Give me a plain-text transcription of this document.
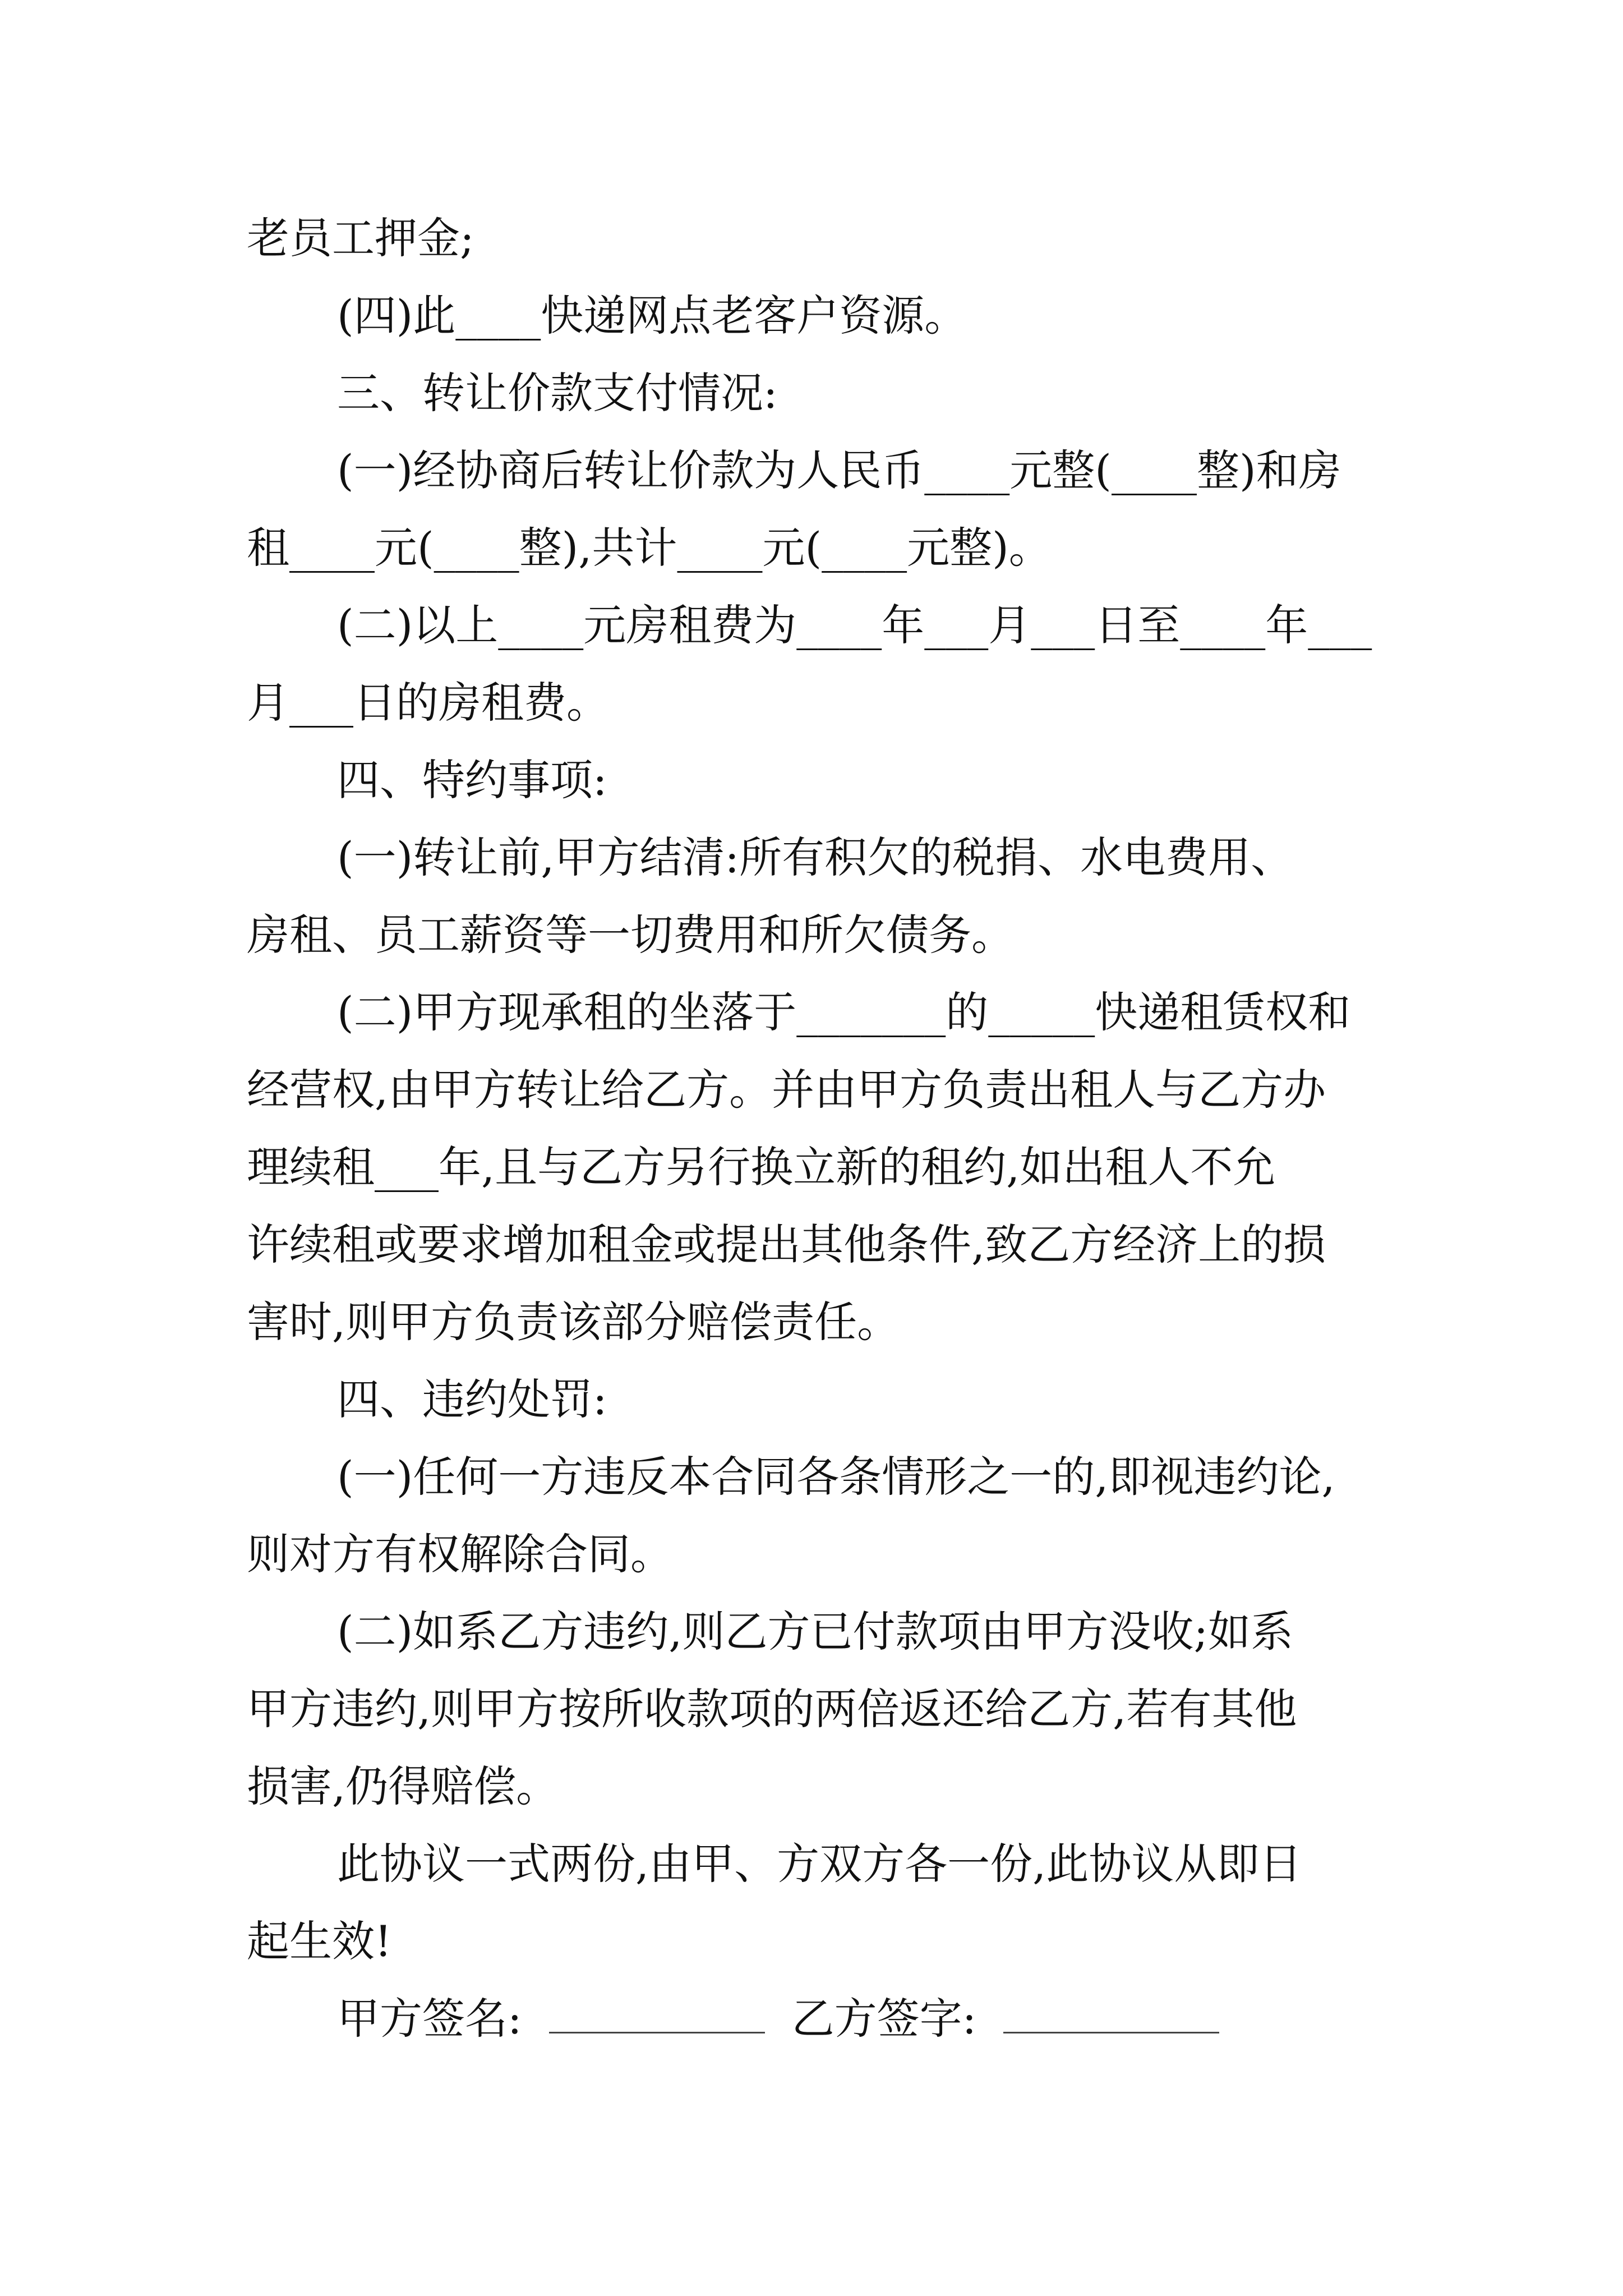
老员工押金;

(四)此____快递网点老客户资源。

三、转让价款支付情况:

(一)经协商后转让价款为人民币____元整(____整)和房

租____元(____整),共计____元(____元整)。

(二)以上____元房租费为____年___月___日至____年___

月___日的房租费。

四、特约事项:

(一)转让前,甲方结清:所有积欠的税捐、水电费用、

房租、员工薪资等一切费用和所欠债务。

(二)甲方现承租的坐落于_______的_____快递租赁权和

经营权,由甲方转让给乙方。并由甲方负责出租人与乙方办

理续租___年,且与乙方另行换立新的租约,如出租人不允

许续租或要求增加租金或提出其他条件,致乙方经济上的损

害时,则甲方负责该部分赔偿责任。

四、违约处罚:

(一)任何一方违反本合同各条情形之一的,即视违约论,

则对方有权解除合同。

(二)如系乙方违约,则乙方已付款项由甲方没收;如系

甲方违约,则甲方按所收款项的两倍返还给乙方,若有其他

损害,仍得赔偿。

此协议一式两份,由甲、方双方各一份,此协议从即日

起生效!

甲方签名:	乙方签字:
